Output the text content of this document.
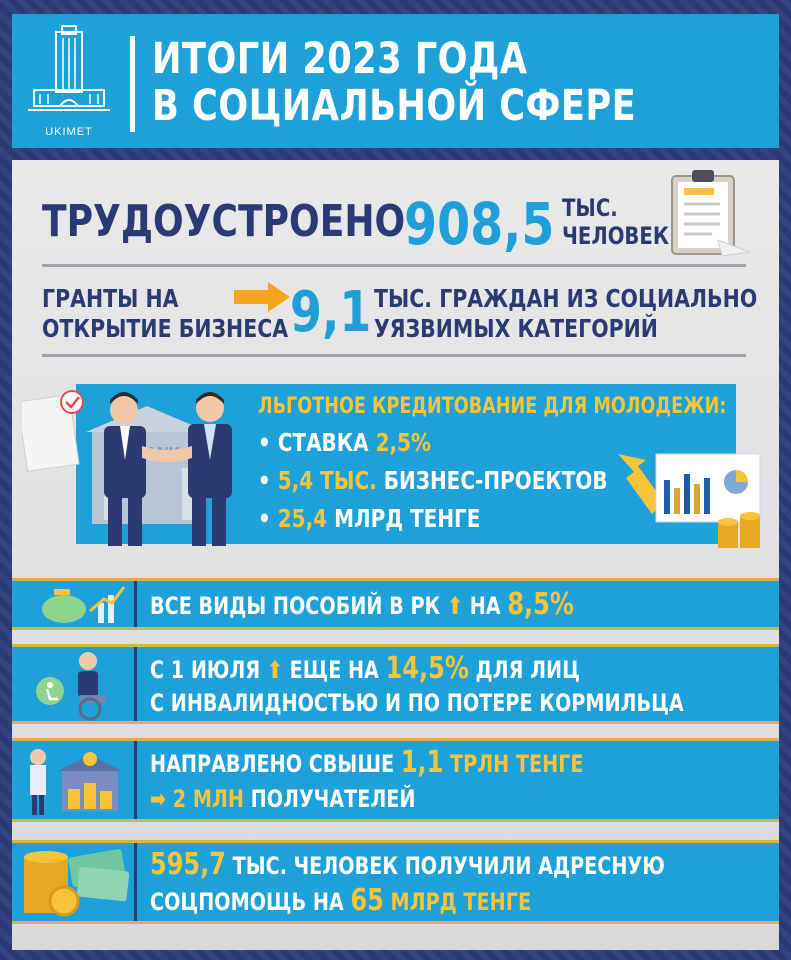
UKIMET
ИТОГИ 2023 ГОДА
В СОЦИАЛЬНОЙ СФЕРЕ
ТРУДОУСТРОЕНО
908,5 ТЫС.
ЧЕЛОВЕК
ГРАНТЫ НА
ОТКРЫТИЕ БИЗНЕСА 9,1 ТЫС. ГРАЖДАН ИЗ СОЦИАЛЬНО
УЯЗВИМЫХ КАТЕГОРИЙ
ЛЬГОТНОЕ КРЕДИТОВАНИЕ ДЛЯ МОЛОДЕЖИ:
• СТАВКА 2,5%
• 5,4 ТЫС. БИЗНЕС-ПРОЕКТОВ
• 25,4 МЛРД ТЕНГЕ
ВСЕ ВИДЫ ПОСОБИЙ В РК ⬆ НА 8,5%
С 1 ИЮЛЯ ⬆ ЕЩЕ НА 14,5% ДЛЯ ЛИЦ
С ИНВАЛИДНОСТЬЮ И ПО ПОТЕРЕ КОРМИЛЬЦА
НАПРАВЛЕНО СВЫШЕ 1,1 ТРЛН ТЕНГЕ
➡ 2 МЛН ПОЛУЧАТЕЛЕЙ
595,7 ТЫС. ЧЕЛОВЕК ПОЛУЧИЛИ АДРЕСНУЮ
СОЦПОМОЩЬ НА 65 МЛРД ТЕНГЕ
